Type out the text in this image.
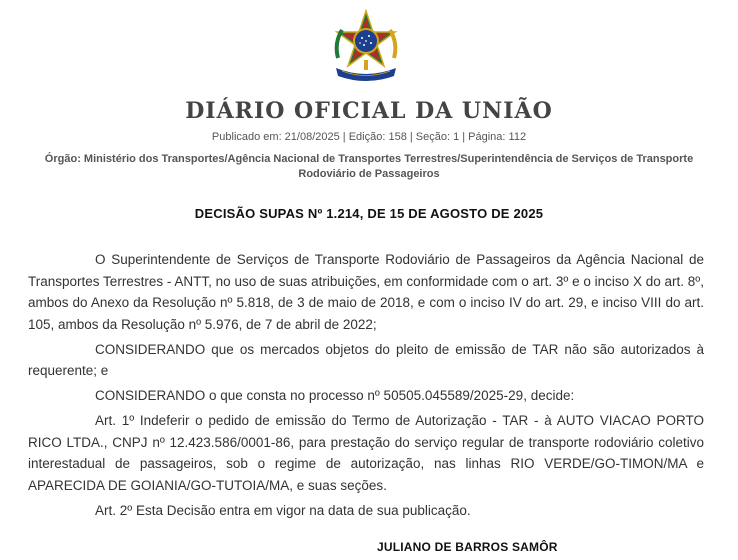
DIÁRIO OFICIAL DA UNIÃO
Publicado em: 21/08/2025 | Edição: 158 | Seção: 1 | Página: 112
Órgão: Ministério dos Transportes/Agência Nacional de Transportes Terrestres/Superintendência de Serviços de Transporte Rodoviário de Passageiros
DECISÃO SUPAS Nº 1.214, DE 15 DE AGOSTO DE 2025

O Superintendente de Serviços de Transporte Rodoviário de Passageiros da Agência Nacional de Transportes Terrestres - ANTT, no uso de suas atribuições, em conformidade com o art. 3º e o inciso X do art. 8º, ambos do Anexo da Resolução nº 5.818, de 3 de maio de 2018, e com o inciso IV do art. 29, e inciso VIII do art. 105, ambos da Resolução nº 5.976, de 7 de abril de 2022;

CONSIDERANDO que os mercados objetos do pleito de emissão de TAR não são autorizados à requerente; e

CONSIDERANDO o que consta no processo nº 50505.045589/2025-29, decide:

Art. 1º Indeferir o pedido de emissão do Termo de Autorização - TAR - à AUTO VIACAO PORTO RICO LTDA., CNPJ nº 12.423.586/0001-86, para prestação do serviço regular de transporte rodoviário coletivo interestadual de passageiros, sob o regime de autorização, nas linhas RIO VERDE/GO-TIMON/MA e APARECIDA DE GOIANIA/GO-TUTOIA/MA, e suas seções.

Art. 2º Esta Decisão entra em vigor na data de sua publicação.

JULIANO DE BARROS SAMÔR
